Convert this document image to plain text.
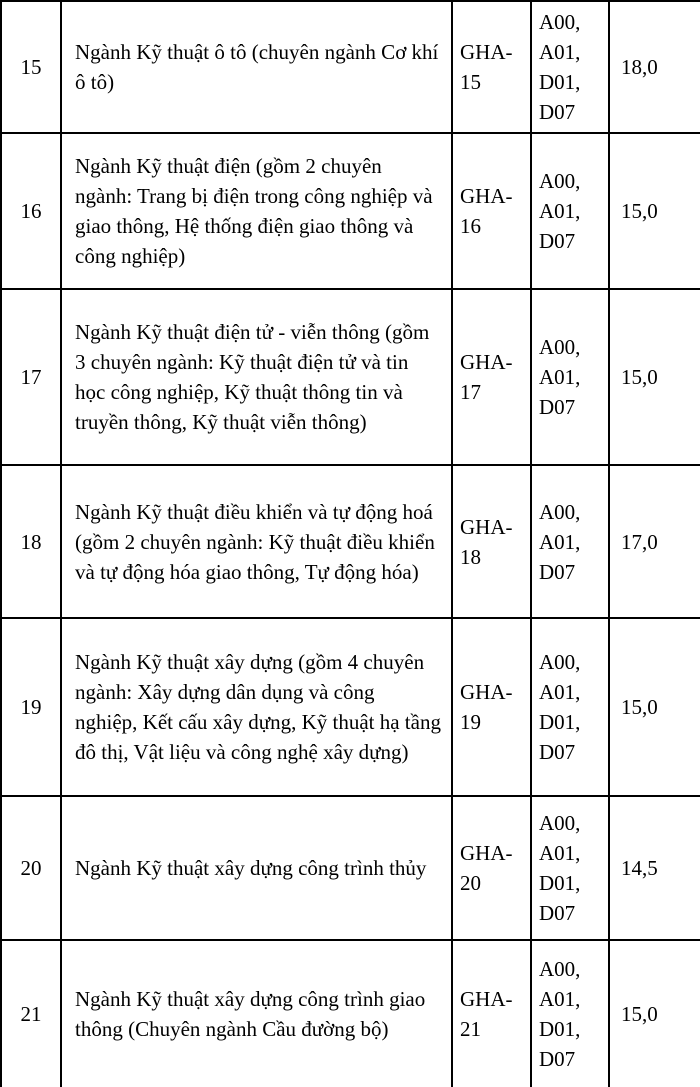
15
Ngành Kỹ thuật ô tô (chuyên ngành Cơ khí ô tô)
GHA-
15
A00,
A01,
D01,
D07
18,0
16
Ngành Kỹ thuật điện (gồm 2 chuyên ngành: Trang bị điện trong công nghiệp và giao thông, Hệ thống điện giao thông và công nghiệp)
GHA-
16
A00,
A01,
D07
15,0
17
Ngành Kỹ thuật điện tử - viễn thông (gồm 3 chuyên ngành: Kỹ thuật điện tử và tin học công nghiệp, Kỹ thuật thông tin và truyền thông, Kỹ thuật viễn thông)
GHA-
17
A00,
A01,
D07
15,0
18
Ngành Kỹ thuật điều khiển và tự động hoá (gồm 2 chuyên ngành: Kỹ thuật điều khiển và tự động hóa giao thông, Tự động hóa)
GHA-
18
A00,
A01,
D07
17,0
19
Ngành Kỹ thuật xây dựng (gồm 4 chuyên ngành: Xây dựng dân dụng và công nghiệp, Kết cấu xây dựng, Kỹ thuật hạ tầng đô thị, Vật liệu và công nghệ xây dựng)
GHA-
19
A00,
A01,
D01,
D07
15,0
20	Ngành Kỹ thuật xây dựng công trình thủy
GHA-
20
A00,
A01,
D01,
D07
14,5
21
Ngành Kỹ thuật xây dựng công trình giao thông (Chuyên ngành Cầu đường bộ)
GHA-
21
A00,
A01,
D01,
D07
15,0
